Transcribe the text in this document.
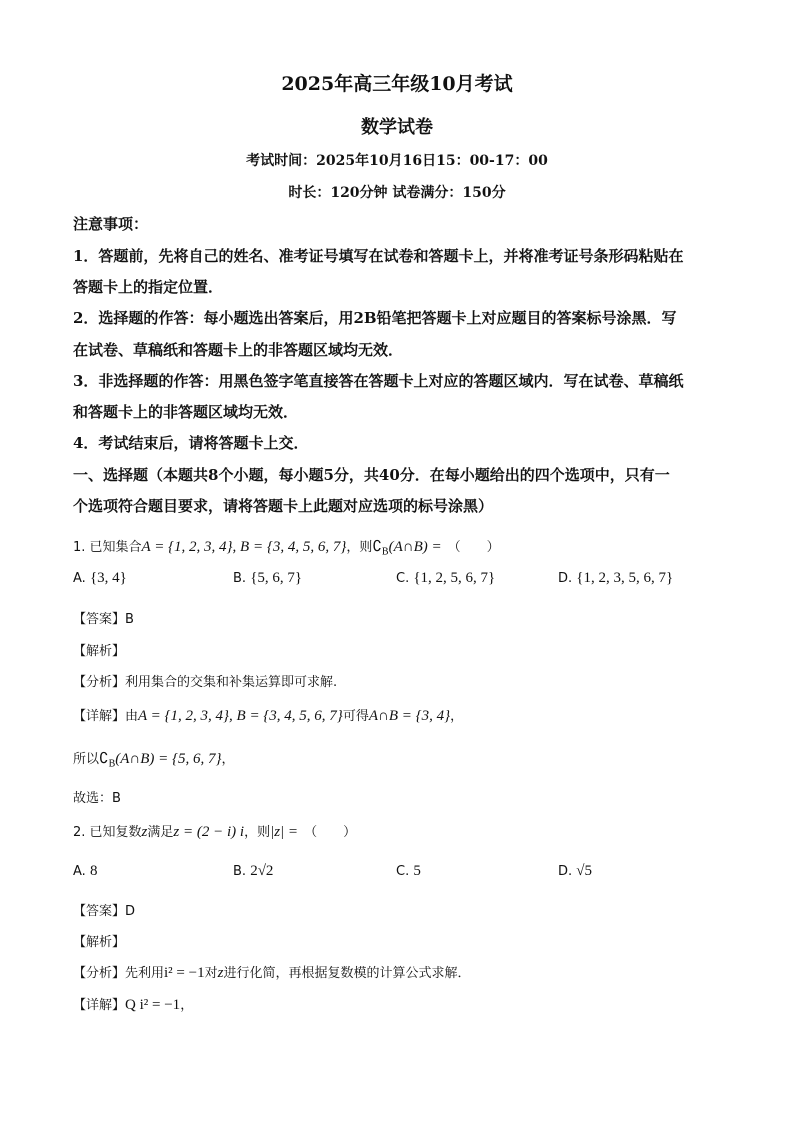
2025年高三年级10月考试
数学试卷
考试时间：2025年10月16日15：00-17：00
时长：120分钟 试卷满分：150分
注意事项：
1．答题前，先将自己的姓名、准考证号填写在试卷和答题卡上，并将准考证号条形码粘贴在
答题卡上的指定位置．
2．选择题的作答：每小题选出答案后，用2B铅笔把答题卡上对应题目的答案标号涂黑．写
在试卷、草稿纸和答题卡上的非答题区域均无效．
3．非选择题的作答：用黑色签字笔直接答在答题卡上对应的答题区域内．写在试卷、草稿纸
和答题卡上的非答题区域均无效．
4．考试结束后，请将答题卡上交．
一、选择题（本题共8个小题，每小题5分，共40分．在每小题给出的四个选项中，只有一
个选项符合题目要求，请将答题卡上此题对应选项的标号涂黑）
1. 已知集合A = {1, 2, 3, 4}, B = {3, 4, 5, 6, 7}，则$∁_B(A\cap B)$ = （　　）
A. {3, 4}	B. {5, 6, 7}	C. {1, 2, 5, 6, 7}	D. {1, 2, 3, 5, 6, 7}
【答案】B
【解析】
【分析】利用集合的交集和补集运算即可求解.
【详解】由A = {1, 2, 3, 4}, B = {3, 4, 5, 6, 7}可得A∩B = {3, 4}，
所以$∁_B(A\cap B) = \{5$, 6, 7}，
故选：B
2. 已知复数z满足z = (2 − i) i，则|z| = （　　）
A. 8	B. 2√2	C. 5	D. √5
【答案】D
【解析】
【分析】先利用i² = −1对z进行化简，再根据复数模的计算公式求解．
【详解】Q i² = −1，
